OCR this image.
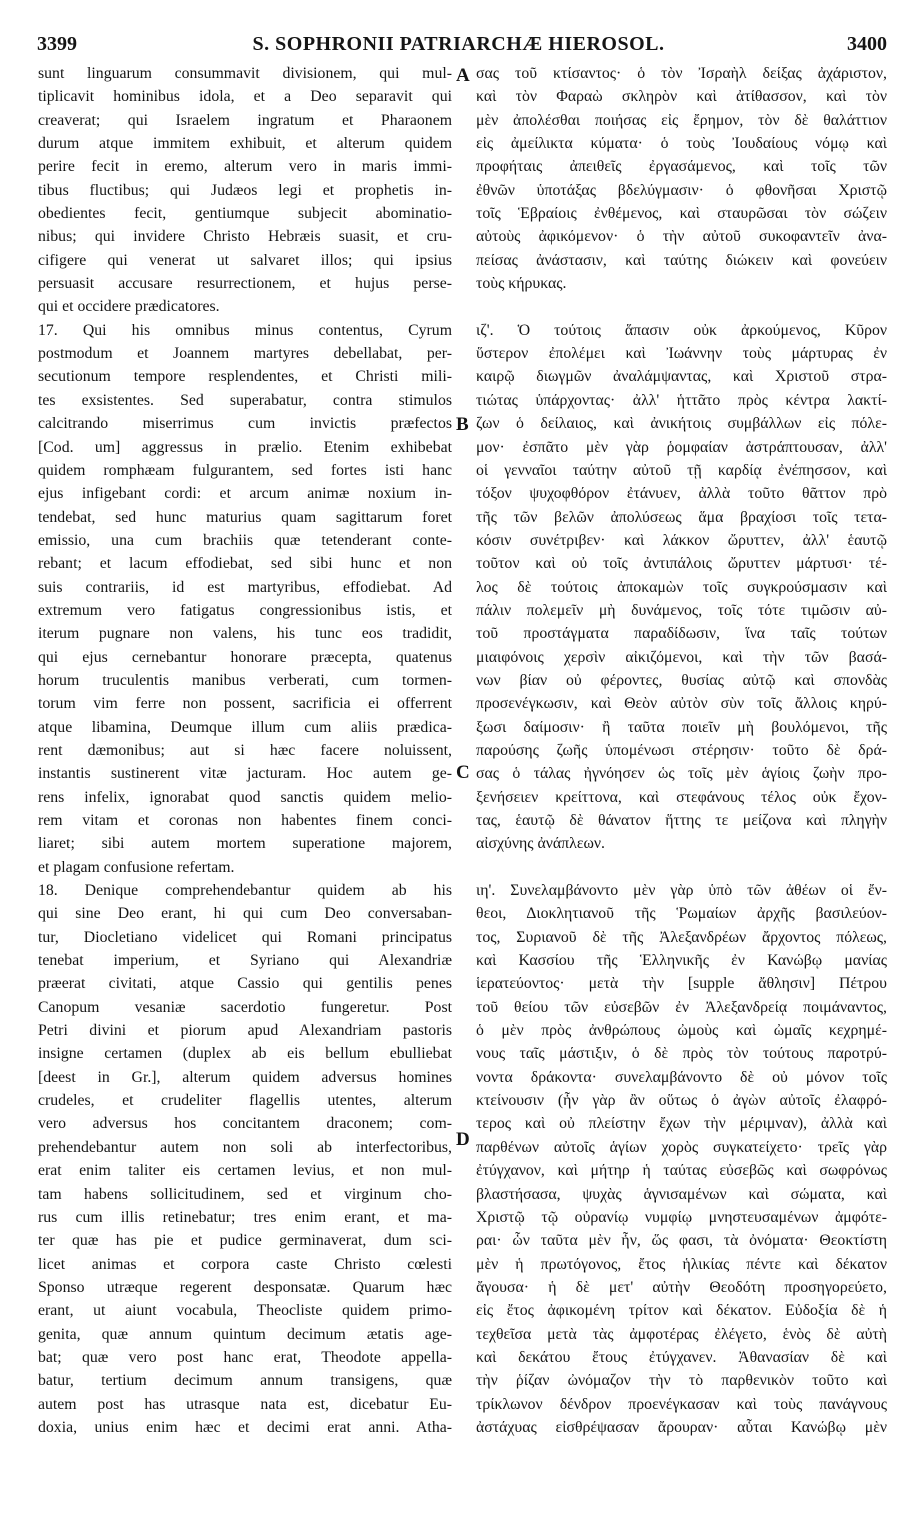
3399	S. SOPHRONII PATRIARCHÆ HIEROSOL.	3400
sunt linguarum consummavit divisionem, qui mul-
tiplicavit hominibus idola, et a Deo separavit qui
creaverat; qui Israelem ingratum et Pharaonem
durum atque immitem exhibuit, et alterum quidem
perire fecit in eremo, alterum vero in maris immi-
tibus fluctibus; qui Judæos legi et prophetis in-
obedientes fecit, gentiumque subjecit abominatio-
nibus; qui invidere Christo Hebræis suasit, et cru-
cifigere qui venerat ut salvaret illos; qui ipsius
persuasit accusare resurrectionem, et hujus perse-
qui et occidere prædicatores.
17. Qui his omnibus minus contentus, Cyrum
postmodum et Joannem martyres debellabat, per-
secutionum tempore resplendentes, et Christi mili-
tes exsistentes. Sed superabatur, contra stimulos
calcitrando miserrimus cum invictis præfectos
[Cod. um] aggressus in prælio. Etenim exhibebat
quidem romphæam fulgurantem, sed fortes isti hanc
ejus infigebant cordi: et arcum animæ noxium in-
tendebat, sed hunc maturius quam sagittarum foret
emissio, una cum brachiis quæ tetenderant conte-
rebant; et lacum effodiebat, sed sibi hunc et non
suis contrariis, id est martyribus, effodiebat. Ad
extremum vero fatigatus congressionibus istis, et
iterum pugnare non valens, his tunc eos tradidit,
qui ejus cernebantur honorare præcepta, quatenus
horum truculentis manibus verberati, cum tormen-
torum vim ferre non possent, sacrificia ei offerrent
atque libamina, Deumque illum cum aliis prædica-
rent dæmonibus; aut si hæc facere noluissent,
instantis sustinerent vitæ jacturam. Hoc autem ge-
rens infelix, ignorabat quod sanctis quidem melio-
rem vitam et coronas non habentes finem conci-
liaret; sibi autem mortem superatione majorem,
et plagam confusione refertam.
18. Denique comprehendebantur quidem ab his
qui sine Deo erant, hi qui cum Deo conversaban-
tur, Diocletiano videlicet qui Romani principatus
tenebat imperium, et Syriano qui Alexandriæ
præerat civitati, atque Cassio qui gentilis penes
Canopum vesaniæ sacerdotio fungeretur. Post
Petri divini et piorum apud Alexandriam pastoris
insigne certamen (duplex ab eis bellum ebulliebat
[deest in Gr.], alterum quidem adversus homines
crudeles, et crudeliter flagellis utentes, alterum
vero adversus hos concitantem draconem; com-
prehendebantur autem non soli ab interfectoribus,
erat enim taliter eis certamen levius, et non mul-
tam habens sollicitudinem, sed et virginum cho-
rus cum illis retinebatur; tres enim erant, et ma-
ter quæ has pie et pudice germinaverat, dum sci-
licet animas et corpora caste Christo cœlesti
Sponso utræque regerent desponsatæ. Quarum hæc
erant, ut aiunt vocabula, Theocliste quidem primo-
genita, quæ annum quintum decimum ætatis age-
bat; quæ vero post hanc erat, Theodote appella-
batur, tertium decimum annum transigens, quæ
autem post has utrasque nata est, dicebatur Eu-
doxia, unius enim hæc et decimi erat anni. Atha-
σας τοῦ κτίσαντος· ὁ τὸν Ἰσραὴλ δείξας ἀχάριστον,
καὶ τὸν Φαραὼ σκληρὸν καὶ ἀτίθασσον, καὶ τὸν
μὲν ἀπολέσθαι ποιήσας εἰς ἔρημον, τὸν δὲ θαλάττιον
εἰς ἀμείλικτα κύματα· ὁ τοὺς Ἰουδαίους νόμῳ καὶ
προφήταις ἀπειθεῖς ἐργασάμενος, καὶ τοῖς τῶν
ἐθνῶν ὑποτάξας βδελύγμασιν· ὁ φθονῆσαι Χριστῷ
τοῖς Ἑβραίοις ἐνθέμενος, καὶ σταυρῶσαι τὸν σώζειν
αὐτοὺς ἀφικόμενον· ὁ τὴν αὐτοῦ συκοφαντεῖν ἀνα-
πείσας ἀνάστασιν, καὶ ταύτης διώκειν καὶ φονεύειν
τοὺς κήρυκας.
ιζ'. Ὁ τούτοις ἅπασιν οὐκ ἀρκούμενος, Κῦρον
ὕστερον ἐπολέμει καὶ Ἰωάννην τοὺς μάρτυρας ἐν
καιρῷ διωγμῶν ἀναλάμψαντας, καὶ Χριστοῦ στρα-
τιώτας ὑπάρχοντας· ἀλλ' ἡττᾶτο πρὸς κέντρα λακτί-
ζων ὁ δείλαιος, καὶ ἀνικήτοις συμβάλλων εἰς πόλε-
μον· ἐσπᾶτο μὲν γὰρ ῥομφαίαν ἀστράπτουσαν, ἀλλ'
οἱ γενναῖοι ταύτην αὐτοῦ τῇ καρδίᾳ ἐνέπησσον, καὶ
τόξον ψυχοφθόρον ἐτάνυεν, ἀλλὰ τοῦτο θᾶττον πρὸ
τῆς τῶν βελῶν ἀπολύσεως ἅμα βραχίοσι τοῖς τετα-
κόσιν συνέτριβεν· καὶ λάκκον ὤρυττεν, ἀλλ' ἑαυτῷ
τοῦτον καὶ οὐ τοῖς ἀντιπάλοις ὤρυττεν μάρτυσι· τέ-
λος δὲ τούτοις ἀποκαμὼν τοῖς συγκρούσμασιν καὶ
πάλιν πολεμεῖν μὴ δυνάμενος, τοῖς τότε τιμῶσιν αὐ-
τοῦ προστάγματα παραδίδωσιν, ἵνα ταῖς τούτων
μιαιφόνοις χερσὶν αἰκιζόμενοι, καὶ τὴν τῶν βασά-
νων βίαν οὐ φέροντες, θυσίας αὐτῷ καὶ σπονδὰς
προσενέγκωσιν, καὶ Θεὸν αὐτὸν σὺν τοῖς ἄλλοις κηρύ-
ξωσι δαίμοσιν· ἢ ταῦτα ποιεῖν μὴ βουλόμενοι, τῆς
παρούσης ζωῆς ὑπομένωσι στέρησιν· τοῦτο δὲ δρά-
σας ὁ τάλας ἠγνόησεν ὡς τοῖς μὲν ἁγίοις ζωὴν προ-
ξενήσειεν κρείττονα, καὶ στεφάνους τέλος οὐκ ἔχον-
τας, ἑαυτῷ δὲ θάνατον ἥττης τε μείζονα καὶ πληγὴν
αἰσχύνης ἀνάπλεων.
ιη'. Συνελαμβάνοντο μὲν γὰρ ὑπὸ τῶν ἀθέων οἱ ἔν-
θεοι, Διοκλητιανοῦ τῆς Ῥωμαίων ἀρχῆς βασιλεύον-
τος, Συριανοῦ δὲ τῆς Ἀλεξανδρέων ἄρχοντος πόλεως,
καὶ Κασσίου τῆς Ἑλληνικῆς ἐν Κανώβῳ μανίας
ἱερατεύοντος· μετὰ τὴν [supple ἄθλησιν] Πέτρου
τοῦ θείου τῶν εὐσεβῶν ἐν Ἀλεξανδρείᾳ ποιμάναντος,
ὁ μὲν πρὸς ἀνθρώπους ὠμοὺς καὶ ὠμαῖς κεχρημέ-
νους ταῖς μάστιξιν, ὁ δὲ πρὸς τὸν τούτους παροτρύ-
νοντα δράκοντα· συνελαμβάνοντο δὲ οὐ μόνον τοῖς
κτείνουσιν (ἦν γὰρ ἂν οὕτως ὁ ἀγὼν αὐτοῖς ἐλαφρό-
τερος καὶ οὐ πλείστην ἔχων τὴν μέριμναν), ἀλλὰ καὶ
παρθένων αὐτοῖς ἁγίων χορὸς συγκατείχετο· τρεῖς γὰρ
ἐτύγχανον, καὶ μήτηρ ἡ ταύτας εὐσεβῶς καὶ σωφρόνως
βλαστήσασα, ψυχὰς ἁγνισαμένων καὶ σώματα, καὶ
Χριστῷ τῷ οὐρανίῳ νυμφίῳ μνηστευσαμένων ἀμφότε-
ραι· ὧν ταῦτα μὲν ἦν, ὥς φασι, τὰ ὀνόματα· Θεοκτίστη
μὲν ἡ πρωτόγονος, ἔτος ἡλικίας πέντε καὶ δέκατον
ἄγουσα· ἡ δὲ μετ' αὐτὴν Θεοδότη προσηγορεύετο,
εἰς ἔτος ἀφικομένη τρίτον καὶ δέκατον. Εὐδοξία δὲ ἡ
τεχθεῖσα μετὰ τὰς ἀμφοτέρας ἐλέγετο, ἑνὸς δὲ αὐτὴ
καὶ δεκάτου ἔτους ἐτύγχανεν. Ἀθανασίαν δὲ καὶ
τὴν ῥίζαν ὠνόμαζον τὴν τὸ παρθενικὸν τοῦτο καὶ
τρίκλωνον δένδρον προενέγκασαν καὶ τοὺς πανάγνους
ἀστάχυας εἰσθρέψασαν ἄρουραν· αὗται Κανώβῳ μὲν
A
B
C
D
